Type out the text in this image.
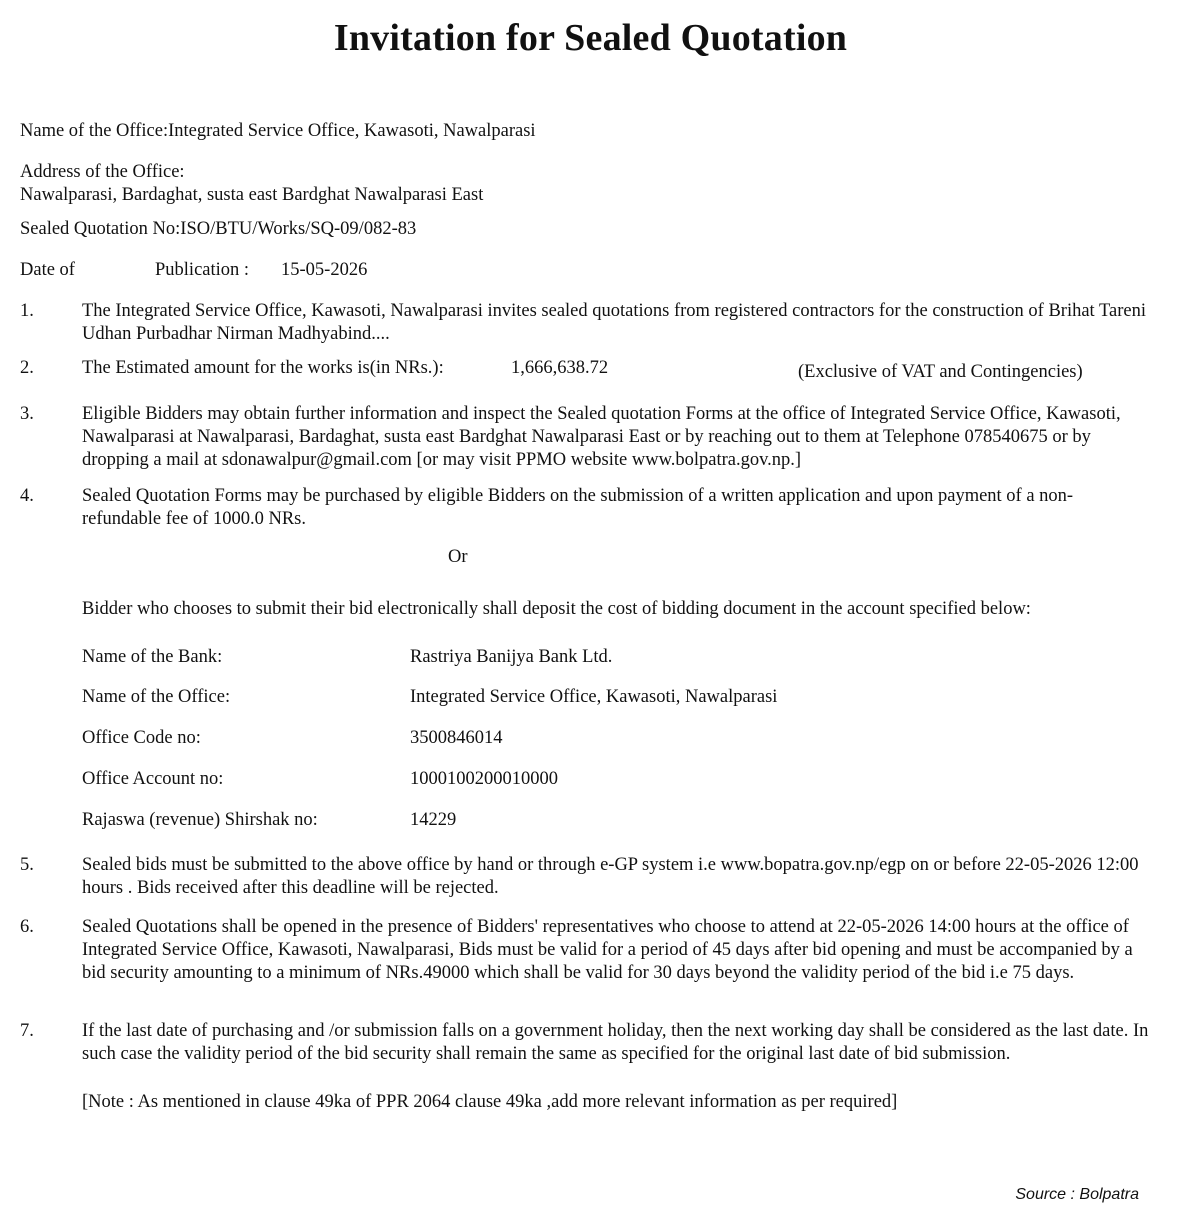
Invitation for Sealed Quotation
Name of the Office:Integrated Service Office, Kawasoti, Nawalparasi
Address of the Office:
Nawalparasi, Bardaghat, susta east Bardghat Nawalparasi East
Sealed Quotation No:ISO/BTU/Works/SQ-09/082-83
Date of	Publication : 15-05-2026
1.	The Integrated Service Office, Kawasoti, Nawalparasi invites sealed quotations from registered contractors for the construction of Brihat Tareni Udhan Purbadhar Nirman Madhyabind....
2.	The Estimated amount for the works is(in NRs.):	1,666,638.72	(Exclusive of VAT and Contingencies)
3.	Eligible Bidders may obtain further information and inspect the Sealed quotation Forms at the office of Integrated Service Office, Kawasoti, Nawalparasi at Nawalparasi, Bardaghat, susta east Bardghat Nawalparasi East or by reaching out to them at Telephone 078540675 or by dropping a mail at sdonawalpur@gmail.com [or may visit PPMO website www.bolpatra.gov.np.]
4.	Sealed Quotation Forms may be purchased by eligible Bidders on the submission of a written application and upon payment of a non-refundable fee of 1000.0 NRs.
Or
Bidder who chooses to submit their bid electronically shall deposit the cost of bidding document in the account specified below:
Name of the Bank:	Rastriya Banijya Bank Ltd.
Name of the Office:	Integrated Service Office, Kawasoti, Nawalparasi
Office Code no:	3500846014
Office Account no:	1000100200010000
Rajaswa (revenue) Shirshak no:	14229
5.	Sealed bids must be submitted to the above office by hand or through e-GP system i.e www.bopatra.gov.np/egp on or before 22-05-2026 12:00 hours . Bids received after this deadline will be rejected.
6.	Sealed Quotations shall be opened in the presence of Bidders' representatives who choose to attend at 22-05-2026 14:00 hours at the office of Integrated Service Office, Kawasoti, Nawalparasi, Bids must be valid for a period of 45 days after bid opening and must be accompanied by a bid security amounting to a minimum of NRs.49000 which shall be valid for 30 days beyond the validity period of the bid i.e 75 days.
7.	If the last date of purchasing and /or submission falls on a government holiday, then the next working day shall be considered as the last date. In such case the validity period of the bid security shall remain the same as specified for the original last date of bid submission.
[Note : As mentioned in clause 49ka of PPR 2064 clause 49ka ,add more relevant information as per required]
Source : Bolpatra
